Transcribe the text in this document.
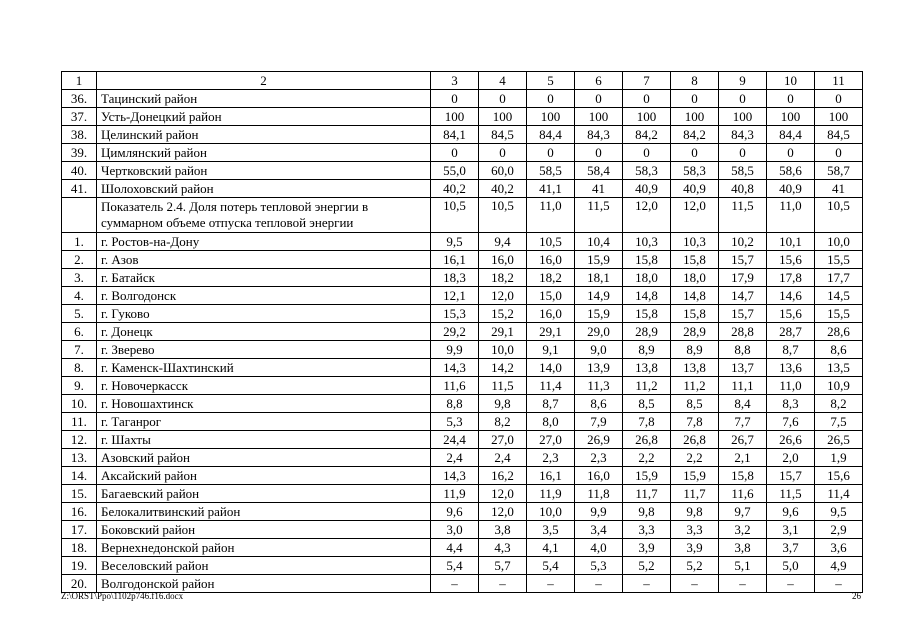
1	2	3	4	5	6	7	8	9	10	11
36.	Тацинский район	0	0	0	0	0	0	0	0	0
37.	Усть-Донецкий район	100	100	100	100	100	100	100	100	100
38.	Целинский район	84,1	84,5	84,4	84,3	84,2	84,2	84,3	84,4	84,5
39.	Цимлянский район	0	0	0	0	0	0	0	0	0
40.	Чертковский район	55,0	60,0	58,5	58,4	58,3	58,3	58,5	58,6	58,7
41.	Шолоховский район	40,2	40,2	41,1	41	40,9	40,9	40,8	40,9	41
	Показатель 2.4. Доля потерь тепловой энергии в суммарном объеме отпуска тепловой энергии	10,5	10,5	11,0	11,5	12,0	12,0	11,5	11,0	10,5
1.	г. Ростов-на-Дону	9,5	9,4	10,5	10,4	10,3	10,3	10,2	10,1	10,0
2.	г. Азов	16,1	16,0	16,0	15,9	15,8	15,8	15,7	15,6	15,5
3.	г. Батайск	18,3	18,2	18,2	18,1	18,0	18,0	17,9	17,8	17,7
4.	г. Волгодонск	12,1	12,0	15,0	14,9	14,8	14,8	14,7	14,6	14,5
5.	г. Гуково	15,3	15,2	16,0	15,9	15,8	15,8	15,7	15,6	15,5
6.	г. Донецк	29,2	29,1	29,1	29,0	28,9	28,9	28,8	28,7	28,6
7.	г. Зверево	9,9	10,0	9,1	9,0	8,9	8,9	8,8	8,7	8,6
8.	г. Каменск-Шахтинский	14,3	14,2	14,0	13,9	13,8	13,8	13,7	13,6	13,5
9.	г. Новочеркасск	11,6	11,5	11,4	11,3	11,2	11,2	11,1	11,0	10,9
10.	г. Новошахтинск	8,8	9,8	8,7	8,6	8,5	8,5	8,4	8,3	8,2
11.	г. Таганрог	5,3	8,2	8,0	7,9	7,8	7,8	7,7	7,6	7,5
12.	г. Шахты	24,4	27,0	27,0	26,9	26,8	26,8	26,7	26,6	26,5
13.	Азовский район	2,4	2,4	2,3	2,3	2,2	2,2	2,1	2,0	1,9
14.	Аксайский район	14,3	16,2	16,1	16,0	15,9	15,9	15,8	15,7	15,6
15.	Багаевский район	11,9	12,0	11,9	11,8	11,7	11,7	11,6	11,5	11,4
16.	Белокалитвинский район	9,6	12,0	10,0	9,9	9,8	9,8	9,7	9,6	9,5
17.	Боковский район	3,0	3,8	3,5	3,4	3,3	3,3	3,2	3,1	2,9
18.	Вернехнедонской район	4,4	4,3	4,1	4,0	3,9	3,9	3,8	3,7	3,6
19.	Веселовский район	5,4	5,7	5,4	5,3	5,2	5,2	5,1	5,0	4,9
20.	Волгодонской район	–	–	–	–	–	–	–	–	–
Z:\ORST\Ppo\1102p746.f16.docx	26
